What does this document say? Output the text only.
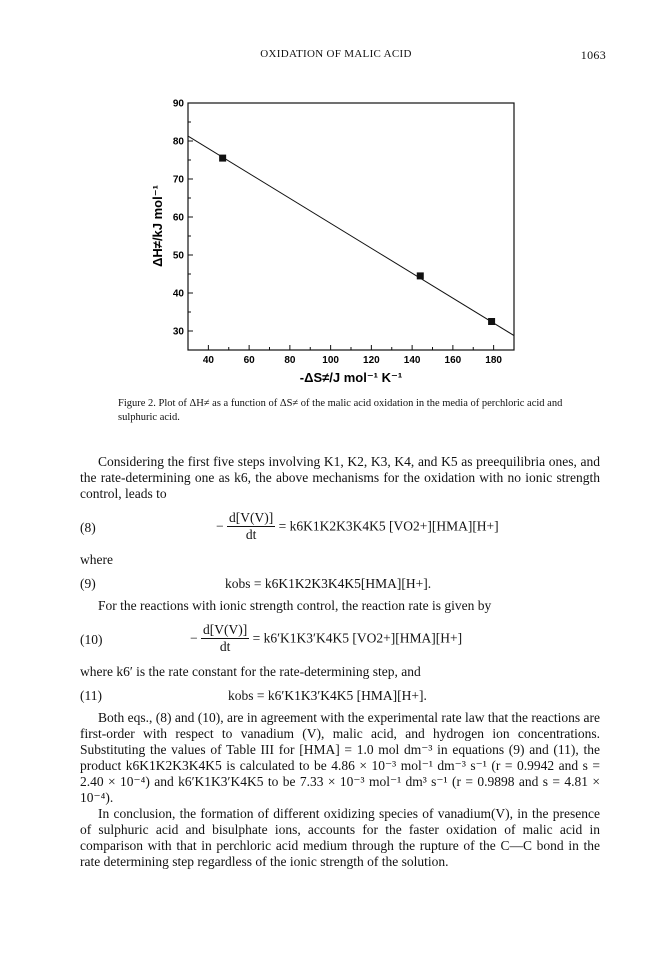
OXIDATION OF MALIC ACID	1063
40	60	80	100 120 140 160 180
30
40
50
60
70
80
90
-ΔS≠/J mol⁻¹ K⁻¹
ΔH≠/kJ mol⁻¹
Figure 2. Plot of ΔH≠ as a function of ΔS≠ of the malic acid oxidation in the media of perchloric acid and sulphuric acid.
Considering the first five steps involving K1, K2, K3, K4, and K5 as preequilibria ones, and the rate-determining one as k6, the above mechanisms for the oxidation with no ionic strength control, leads to
(8)	− $\frac{d[V(V)]}{dt} = k6K1K2K3K4K5$ [VO2+][HMA][H+]
where
(9)	kobs = k6K1K2K3K4K5[HMA][H+].
For the reactions with ionic strength control, the reaction rate is given by
(10)	− $\frac{d[V(V)]}{dt} = k6'K1K3'K4K5$ [VO2+][HMA][H+]
where k6′ is the rate constant for the rate-determining step, and
(11)	kobs = k6′K1K3′K4K5 [HMA][H+].
Both eqs., (8) and (10), are in agreement with the experimental rate law that the reactions are first-order with respect to vanadium (V), malic acid, and hydrogen ion concentrations. Substituting the values of Table III for [HMA] = 1.0 mol dm⁻³ in equations (9) and (11), the product k6K1K2K3K4K5 is calculated to be 4.86 × 10⁻³ mol⁻¹ dm⁻³ s⁻¹ (r = 0.9942 and s = 2.40 × 10⁻⁴) and k6′K1K3′K4K5 to be 7.33 × 10⁻³ mol⁻¹ dm³ s⁻¹ (r = 0.9898 and s = 4.81 × 10⁻⁴).
In conclusion, the formation of different oxidizing species of vanadium(V), in the presence of sulphuric acid and bisulphate ions, accounts for the faster oxidation of malic acid in comparison with that in perchloric acid medium through the rupture of the C—C bond in the rate determining step regardless of the ionic strength of the solution.
